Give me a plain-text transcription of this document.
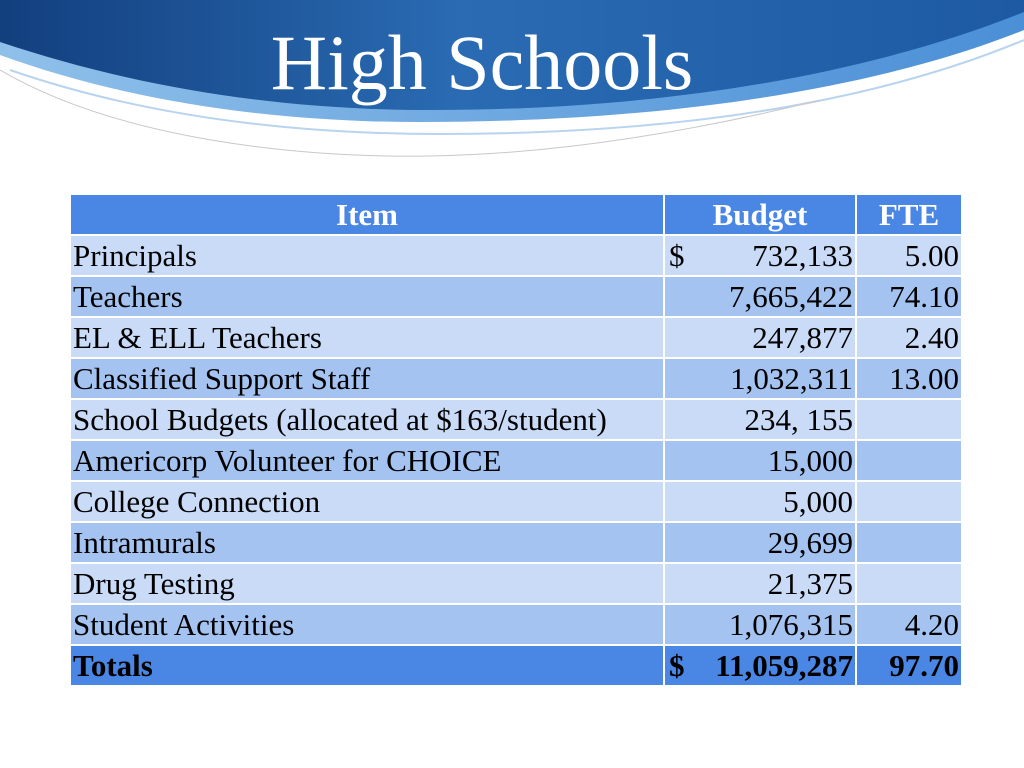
High Schools
Item	Budget	FTE
Principals	$ 732,133	5.00
Teachers	7,665,422	74.10
EL & ELL Teachers	247,877	2.40
Classified Support Staff	1,032,311	13.00
School Budgets (allocated at $163/student)	234, 155	
Americorp Volunteer for CHOICE	15,000	
College Connection	5,000	
Intramurals	29,699	
Drug Testing	21,375	
Student Activities	1,076,315	4.20
Totals	$ 11,059,287	97.70
